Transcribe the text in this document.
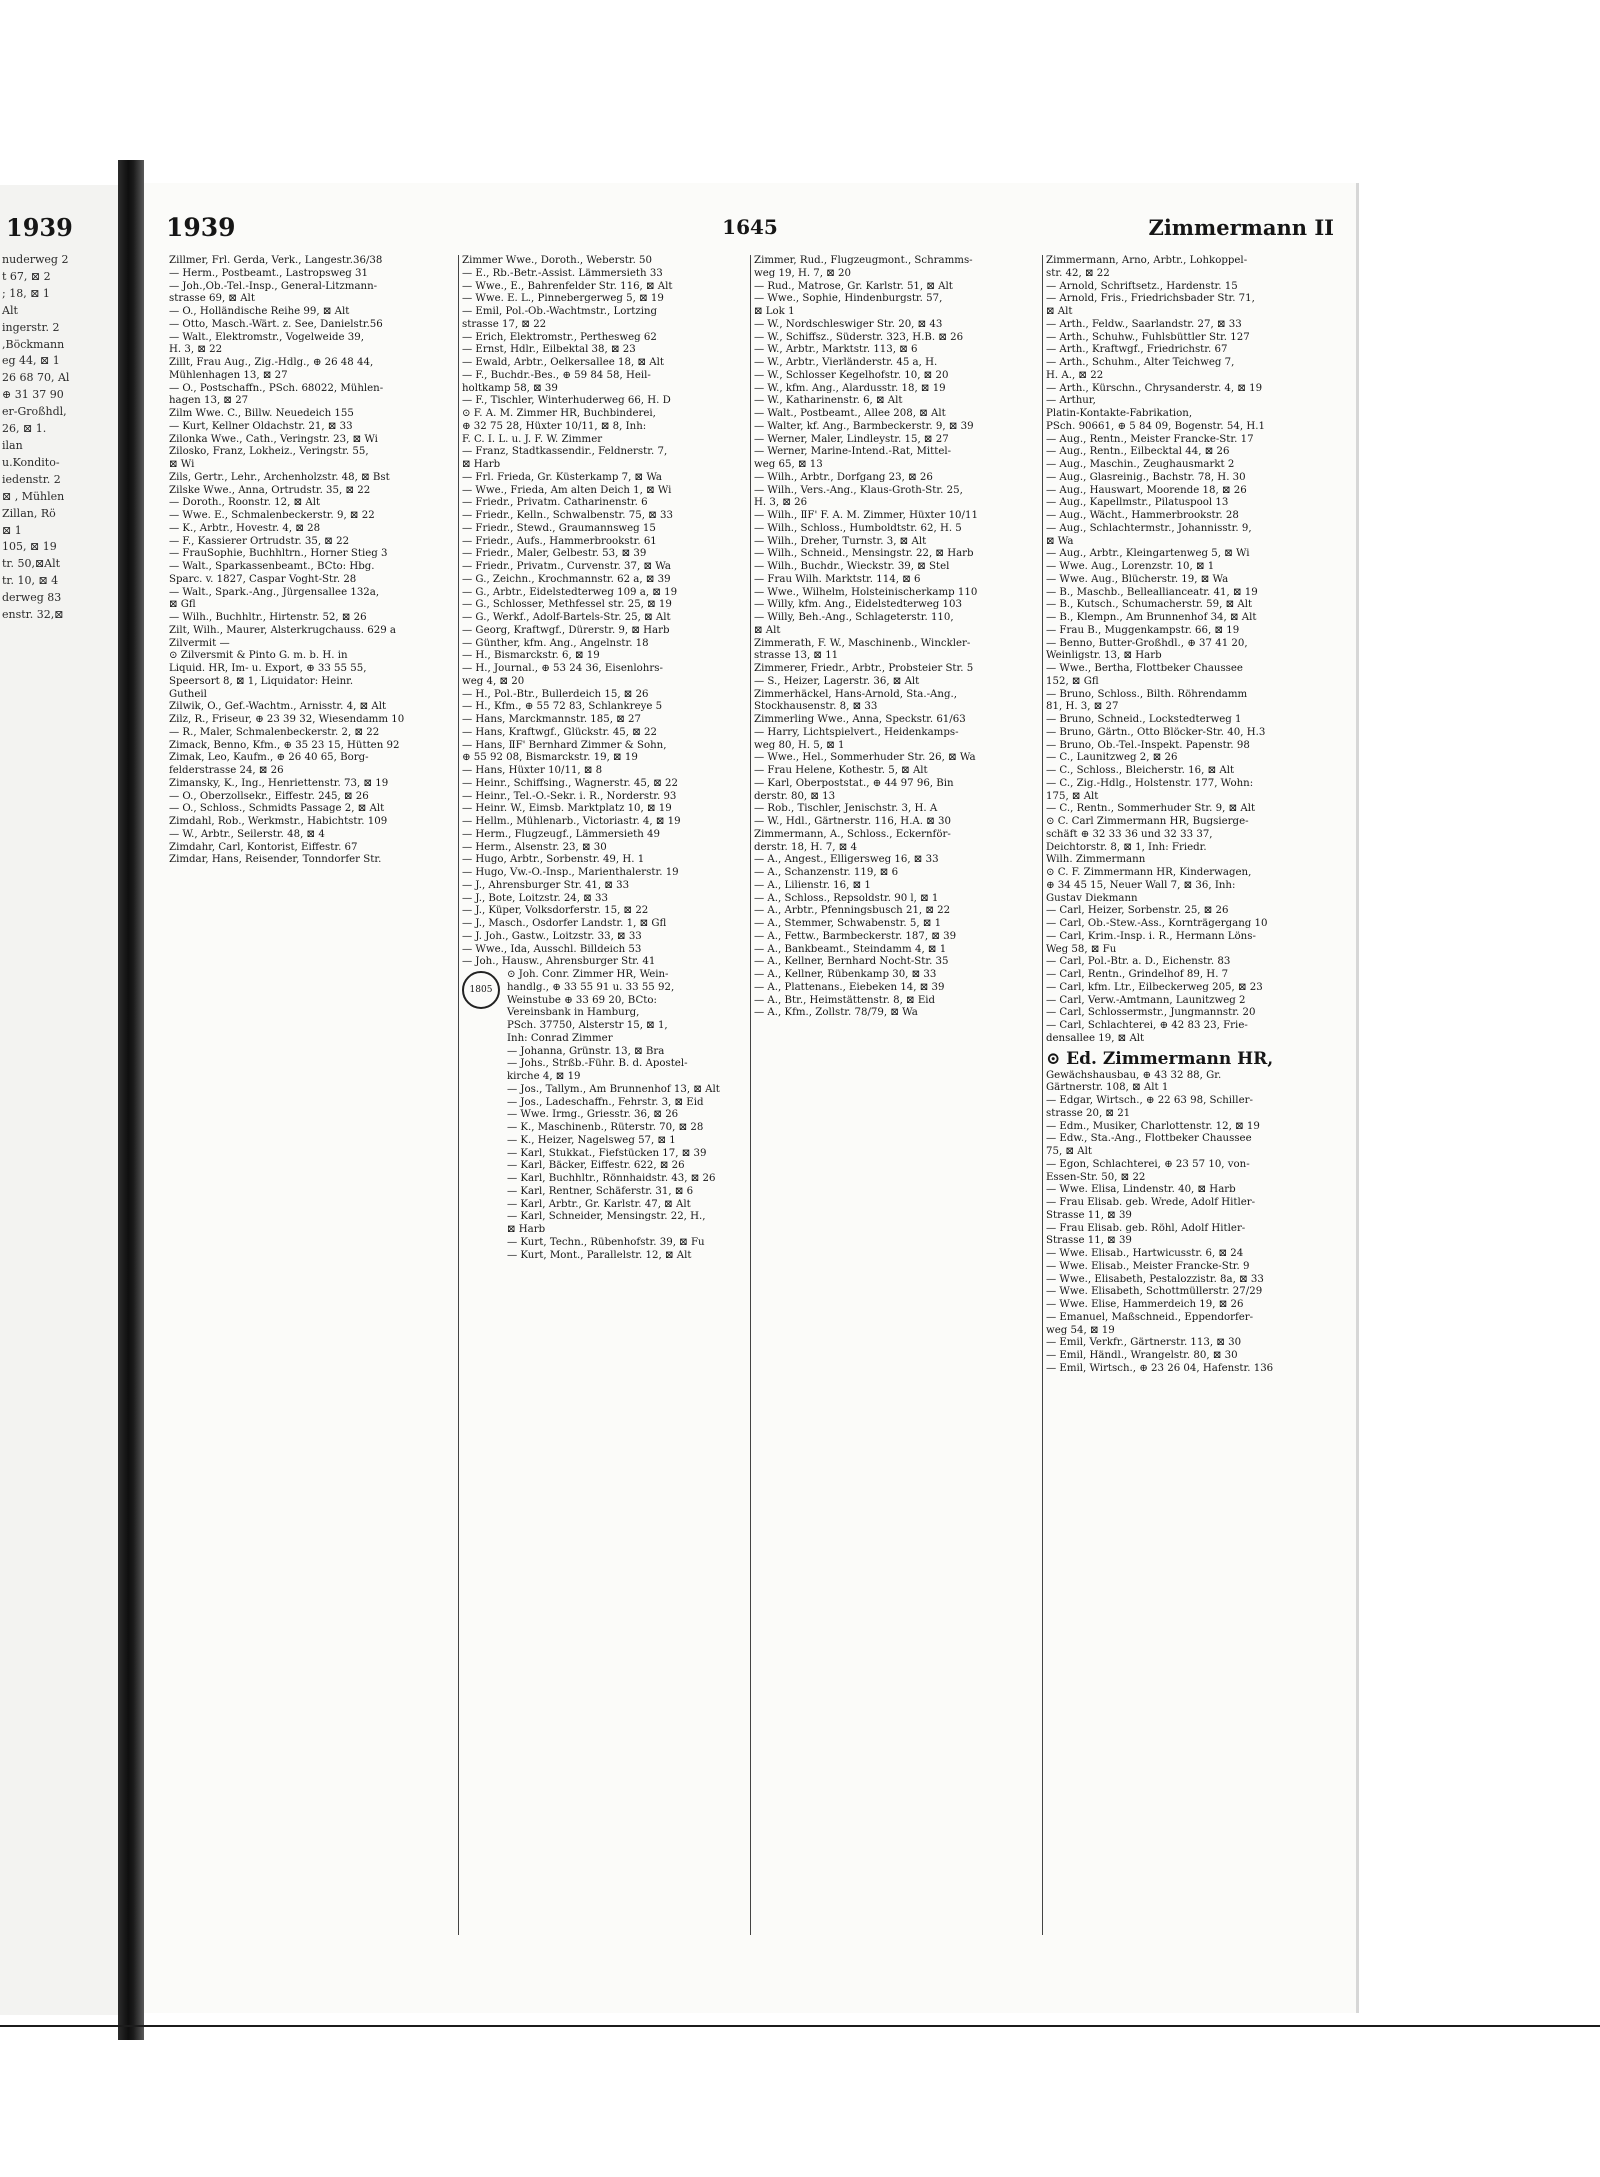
1939
nuderweg 2
t 67, ⊠ 2
; 18, ⊠ 1
Alt
ingerstr. 2
,Böckmann
eg 44, ⊠ 1
26 68 70, Al
⊕ 31 37 90
er-Großhdl,
26, ⊠ 1.
ilan
u.Kondito-
iedenstr. 2
⊠ , Mühlen
Zillan, Rö
⊠ 1
105, ⊠ 19
tr. 50,⊠Alt
tr. 10, ⊠ 4
derweg 83
enstr. 32,⊠
1939	1645	Zimmermann II
Zillmer, Frl. Gerda, Verk., Langestr.36/38
— Herm., Postbeamt., Lastropsweg 31
— Joh.,Ob.-Tel.-Insp., General-Litzmann-
strasse 69, ⊠ Alt
— O., Holländische Reihe 99, ⊠ Alt
— Otto, Masch.-Wärt. z. See, Danielstr.56
— Walt., Elektromstr., Vogelweide 39,
H. 3, ⊠ 22
Zillt, Frau Aug., Zig.-Hdlg., ⊕ 26 48 44,
Mühlenhagen 13, ⊠ 27
— O., Postschaffn., PSch. 68022, Mühlen-
hagen 13, ⊠ 27
Zilm Wwe. C., Billw. Neuedeich 155
— Kurt, Kellner Oldachstr. 21, ⊠ 33
Zilonka Wwe., Cath., Veringstr. 23, ⊠ Wi
Zilosko, Franz, Lokheiz., Veringstr. 55,
⊠ Wi
Zils, Gertr., Lehr., Archenholzstr. 48, ⊠ Bst
Zilske Wwe., Anna, Ortrudstr. 35, ⊠ 22
— Doroth., Roonstr. 12, ⊠ Alt
— Wwe. E., Schmalenbeckerstr. 9, ⊠ 22
— K., Arbtr., Hovestr. 4, ⊠ 28
— F., Kassierer Ortrudstr. 35, ⊠ 22
— FrauSophie, Buchhltrn., Horner Stieg 3
— Walt., Sparkassenbeamt., BCto: Hbg.
Sparc. v. 1827, Caspar Voght-Str. 28
— Walt., Spark.-Ang., Jürgensallee 132a,
⊠ Gfl
— Wilh., Buchhltr., Hirtenstr. 52, ⊠ 26
Zilt, Wilh., Maurer, Alsterkrugchauss. 629 a
Zilvermit —
⊙ Zilversmit & Pinto G. m. b. H. in
Liquid. HR, Im- u. Export, ⊕ 33 55 55,
Speersort 8, ⊠ 1, Liquidator: Heinr.
Gutheil
Zilwik, O., Gef.-Wachtm., Arnisstr. 4, ⊠ Alt
Zilz, R., Friseur, ⊕ 23 39 32, Wiesendamm 10
— R., Maler, Schmalenbeckerstr. 2, ⊠ 22
Zimack, Benno, Kfm., ⊕ 35 23 15, Hütten 92
Zimak, Leo, Kaufm., ⊕ 26 40 65, Borg-
felderstrasse 24, ⊠ 26
Zimansky, K., Ing., Henriettenstr. 73, ⊠ 19
— O., Oberzollsekr., Eiffestr. 245, ⊠ 26
— O., Schloss., Schmidts Passage 2, ⊠ Alt
Zimdahl, Rob., Werkmstr., Habichtstr. 109
— W., Arbtr., Seilerstr. 48, ⊠ 4
Zimdahr, Carl, Kontorist, Eiffestr. 67
Zimdar, Hans, Reisender, Tonndorfer Str.
Zimmer Wwe., Doroth., Weberstr. 50
— E., Rb.-Betr.-Assist. Lämmersieth 33
— Wwe., E., Bahrenfelder Str. 116, ⊠ Alt
— Wwe. E. L., Pinnebergerweg 5, ⊠ 19
— Emil, Pol.-Ob.-Wachtmstr., Lortzing
strasse 17, ⊠ 22
— Erich, Elektromstr., Perthesweg 62
— Ernst, Hdlr., Eilbektal 38, ⊠ 23
— Ewald, Arbtr., Oelkersallee 18, ⊠ Alt
— F., Buchdr.-Bes., ⊕ 59 84 58, Heil-
holtkamp 58, ⊠ 39
— F., Tischler, Winterhuderweg 66, H. D
⊙ F. A. M. Zimmer HR, Buchbinderei,
⊕ 32 75 28, Hüxter 10/11, ⊠ 8, Inh:
F. C. I. L. u. J. F. W. Zimmer
— Franz, Stadtkassendir., Feldnerstr. 7,
⊠ Harb
— Frl. Frieda, Gr. Küsterkamp 7, ⊠ Wa
— Wwe., Frieda, Am alten Deich 1, ⊠ Wi
— Friedr., Privatm. Catharinenstr. 6
— Friedr., Kelln., Schwalbenstr. 75, ⊠ 33
— Friedr., Stewd., Graumannsweg 15
— Friedr., Aufs., Hammerbrookstr. 61
— Friedr., Maler, Gelbestr. 53, ⊠ 39
— Friedr., Privatm., Curvenstr. 37, ⊠ Wa
— G., Zeichn., Krochmannstr. 62 a, ⊠ 39
— G., Arbtr., Eidelstedterweg 109 a, ⊠ 19
— G., Schlosser, Methfessel str. 25, ⊠ 19
— G., Werkf., Adolf-Bartels-Str. 25, ⊠ Alt
— Georg, Kraftwgf., Dürerstr. 9, ⊠ Harb
— Günther, kfm. Ang., Angelnstr. 18
— H., Bismarckstr. 6, ⊠ 19
— H., Journal., ⊕ 53 24 36, Eisenlohrs-
weg 4, ⊠ 20
— H., Pol.-Btr., Bullerdeich 15, ⊠ 26
— H., Kfm., ⊕ 55 72 83, Schlankreye 5
— Hans, Marckmannstr. 185, ⊠ 27
— Hans, Kraftwgf., Glückstr. 45, ⊠ 22
— Hans, ⅡF' Bernhard Zimmer & Sohn,
⊕ 55 92 08, Bismarckstr. 19, ⊠ 19
— Hans, Hüxter 10/11, ⊠ 8
— Heinr., Schiffsing., Wagnerstr. 45, ⊠ 22
— Heinr., Tel.-O.-Sekr. i. R., Norderstr. 93
— Heinr. W., Eimsb. Marktplatz 10, ⊠ 19
— Hellm., Mühlenarb., Victoriastr. 4, ⊠ 19
— Herm., Flugzeugf., Lämmersieth 49
— Herm., Alsenstr. 23, ⊠ 30
— Hugo, Arbtr., Sorbenstr. 49, H. 1
— Hugo, Vw.-O.-Insp., Marienthalerstr. 19
— J., Ahrensburger Str. 41, ⊠ 33
— J., Bote, Loitzstr. 24, ⊠ 33
— J., Küper, Volksdorferstr. 15, ⊠ 22
— J., Masch., Osdorfer Landstr. 1, ⊠ Gfl
— J. Joh., Gastw., Loitzstr. 33, ⊠ 33
— Wwe., Ida, Ausschl. Billdeich 53
— Joh., Hausw., Ahrensburger Str. 41
1805
⊙ Joh. Conr. Zimmer HR, Wein-
handlg., ⊕ 33 55 91 u. 33 55 92,
Weinstube ⊕ 33 69 20, BCto:
Vereinsbank in Hamburg,
PSch. 37750, Alsterstr 15, ⊠ 1,
Inh: Conrad Zimmer
— Johanna, Grünstr. 13, ⊠ Bra
— Johs., Strßb.-Führ. B. d. Apostel-
kirche 4, ⊠ 19
— Jos., Tallym., Am Brunnenhof 13, ⊠ Alt
— Jos., Ladeschaffn., Fehrstr. 3, ⊠ Eid
— Wwe. Irmg., Griesstr. 36, ⊠ 26
— K., Maschinenb., Rüterstr. 70, ⊠ 28
— K., Heizer, Nagelsweg 57, ⊠ 1
— Karl, Stukkat., Fiefstücken 17, ⊠ 39
— Karl, Bäcker, Eiffestr. 622, ⊠ 26
— Karl, Buchhltr., Rönnhaidstr. 43, ⊠ 26
— Karl, Rentner, Schäferstr. 31, ⊠ 6
— Karl, Arbtr., Gr. Karlstr. 47, ⊠ Alt
— Karl, Schneider, Mensingstr. 22, H.,
⊠ Harb
— Kurt, Techn., Rübenhofstr. 39, ⊠ Fu
— Kurt, Mont., Parallelstr. 12, ⊠ Alt
Zimmer, Rud., Flugzeugmont., Schramms-
weg 19, H. 7, ⊠ 20
— Rud., Matrose, Gr. Karlstr. 51, ⊠ Alt
— Wwe., Sophie, Hindenburgstr. 57,
⊠ Lok 1
— W., Nordschleswiger Str. 20, ⊠ 43
— W., Schiffsz., Süderstr. 323, H.B. ⊠ 26
— W., Arbtr., Marktstr. 113, ⊠ 6
— W., Arbtr., Vierländerstr. 45 a, H.
— W., Schlosser Kegelhofstr. 10, ⊠ 20
— W., kfm. Ang., Alardusstr. 18, ⊠ 19
— W., Katharinenstr. 6, ⊠ Alt
— Walt., Postbeamt., Allee 208, ⊠ Alt
— Walter, kf. Ang., Barmbeckerstr. 9, ⊠ 39
— Werner, Maler, Lindleystr. 15, ⊠ 27
— Werner, Marine-Intend.-Rat, Mittel-
weg 65, ⊠ 13
— Wilh., Arbtr., Dorfgang 23, ⊠ 26
— Wilh., Vers.-Ang., Klaus-Groth-Str. 25,
H. 3, ⊠ 26
— Wilh., ⅡF' F. A. M. Zimmer, Hüxter 10/11
— Wilh., Schloss., Humboldtstr. 62, H. 5
— Wilh., Dreher, Turnstr. 3, ⊠ Alt
— Wilh., Schneid., Mensingstr. 22, ⊠ Harb
— Wilh., Buchdr., Wieckstr. 39, ⊠ Stel
— Frau Wilh. Marktstr. 114, ⊠ 6
— Wwe., Wilhelm, Holsteinischerkamp 110
— Willy, kfm. Ang., Eidelstedterweg 103
— Willy, Beh.-Ang., Schlageterstr. 110,
⊠ Alt
Zimmerath, F. W., Maschinenb., Winckler-
strasse 13, ⊠ 11
Zimmerer, Friedr., Arbtr., Probsteier Str. 5
— S., Heizer, Lagerstr. 36, ⊠ Alt
Zimmerhäckel, Hans-Arnold, Sta.-Ang.,
Stockhausenstr. 8, ⊠ 33
Zimmerling Wwe., Anna, Speckstr. 61/63
— Harry, Lichtspielvert., Heidenkamps-
weg 80, H. 5, ⊠ 1
— Wwe., Hel., Sommerhuder Str. 26, ⊠ Wa
— Frau Helene, Kothestr. 5, ⊠ Alt
— Karl, Oberpoststat., ⊕ 44 97 96, Bin
derstr. 80, ⊠ 13
— Rob., Tischler, Jenischstr. 3, H. A
— W., Hdl., Gärtnerstr. 116, H.A. ⊠ 30
Zimmermann, A., Schloss., Eckernför-
derstr. 18, H. 7, ⊠ 4
— A., Angest., Elligersweg 16, ⊠ 33
— A., Schanzenstr. 119, ⊠ 6
— A., Lilienstr. 16, ⊠ 1
— A., Schloss., Repsoldstr. 90 l, ⊠ 1
— A., Arbtr., Pfenningsbusch 21, ⊠ 22
— A., Stemmer, Schwabenstr. 5, ⊠ 1
— A., Fettw., Barmbeckerstr. 187, ⊠ 39
— A., Bankbeamt., Steindamm 4, ⊠ 1
— A., Kellner, Bernhard Nocht-Str. 35
— A., Kellner, Rübenkamp 30, ⊠ 33
— A., Plattenans., Eiebeken 14, ⊠ 39
— A., Btr., Heimstättenstr. 8, ⊠ Eid
— A., Kfm., Zollstr. 78/79, ⊠ Wa
Zimmermann, Arno, Arbtr., Lohkoppel-
str. 42, ⊠ 22
— Arnold, Schriftsetz., Hardenstr. 15
— Arnold, Fris., Friedrichsbader Str. 71,
⊠ Alt
— Arth., Feldw., Saarlandstr. 27, ⊠ 33
— Arth., Schuhw., Fuhlsbüttler Str. 127
— Arth., Kraftwgf., Friedrichstr. 67
— Arth., Schuhm., Alter Teichweg 7,
H. A., ⊠ 22
— Arth., Kürschn., Chrysanderstr. 4, ⊠ 19
— Arthur,
Platin-Kontakte-Fabrikation,
PSch. 90661, ⊕ 5 84 09, Bogenstr. 54, H.1
— Aug., Rentn., Meister Francke-Str. 17
— Aug., Rentn., Eilbecktal 44, ⊠ 26
— Aug., Maschin., Zeughausmarkt 2
— Aug., Glasreinig., Bachstr. 78, H. 30
— Aug., Hauswart, Moorende 18, ⊠ 26
— Aug., Kapellmstr., Pilatuspool 13
— Aug., Wächt., Hammerbrookstr. 28
— Aug., Schlachtermstr., Johannisstr. 9,
⊠ Wa
— Aug., Arbtr., Kleingartenweg 5, ⊠ Wi
— Wwe. Aug., Lorenzstr. 10, ⊠ 1
— Wwe. Aug., Blücherstr. 19, ⊠ Wa
— B., Maschb., Belleallianceatr. 41, ⊠ 19
— B., Kutsch., Schumacherstr. 59, ⊠ Alt
— B., Klempn., Am Brunnenhof 34, ⊠ Alt
— Frau B., Muggenkampstr. 66, ⊠ 19
— Benno, Butter-Großhdl., ⊕ 37 41 20,
Weinligstr. 13, ⊠ Harb
— Wwe., Bertha, Flottbeker Chaussee
152, ⊠ Gfl
— Bruno, Schloss., Bilth. Röhrendamm
81, H. 3, ⊠ 27
— Bruno, Schneid., Lockstedterweg 1
— Bruno, Gärtn., Otto Blöcker-Str. 40, H.3
— Bruno, Ob.-Tel.-Inspekt. Papenstr. 98
— C., Launitzweg 2, ⊠ 26
— C., Schloss., Bleicherstr. 16, ⊠ Alt
— C., Zig.-Hdlg., Holstenstr. 177, Wohn:
175, ⊠ Alt
— C., Rentn., Sommerhuder Str. 9, ⊠ Alt
⊙ C. Carl Zimmermann HR, Bugsierge-
schäft ⊕ 32 33 36 und 32 33 37,
Deichtorstr. 8, ⊠ 1, Inh: Friedr.
Wilh. Zimmermann
⊙ C. F. Zimmermann HR, Kinderwagen,
⊕ 34 45 15, Neuer Wall 7, ⊠ 36, Inh:
Gustav Diekmann
— Carl, Heizer, Sorbenstr. 25, ⊠ 26
— Carl, Ob.-Stew.-Ass., Kornträgergang 10
— Carl, Krim.-Insp. i. R., Hermann Löns-
Weg 58, ⊠ Fu
— Carl, Pol.-Btr. a. D., Eichenstr. 83
— Carl, Rentn., Grindelhof 89, H. 7
— Carl, kfm. Ltr., Eilbeckerweg 205, ⊠ 23
— Carl, Verw.-Amtmann, Launitzweg 2
— Carl, Schlossermstr., Jungmannstr. 20
— Carl, Schlachterei, ⊕ 42 83 23, Frie-
densallee 19, ⊠ Alt
⊙ Ed. Zimmermann HR,
Gewächshausbau, ⊕ 43 32 88, Gr.
Gärtnerstr. 108, ⊠ Alt 1
— Edgar, Wirtsch., ⊕ 22 63 98, Schiller-
strasse 20, ⊠ 21
— Edm., Musiker, Charlottenstr. 12, ⊠ 19
— Edw., Sta.-Ang., Flottbeker Chaussee
75, ⊠ Alt
— Egon, Schlachterei, ⊕ 23 57 10, von-
Essen-Str. 50, ⊠ 22
— Wwe. Elisa, Lindenstr. 40, ⊠ Harb
— Frau Elisab. geb. Wrede, Adolf Hitler-
Strasse 11, ⊠ 39
— Frau Elisab. geb. Röhl, Adolf Hitler-
Strasse 11, ⊠ 39
— Wwe. Elisab., Hartwicusstr. 6, ⊠ 24
— Wwe. Elisab., Meister Francke-Str. 9
— Wwe., Elisabeth, Pestalozzistr. 8a, ⊠ 33
— Wwe. Elisabeth, Schottmüllerstr. 27/29
— Wwe. Elise, Hammerdeich 19, ⊠ 26
— Emanuel, Maßschneid., Eppendorfer-
weg 54, ⊠ 19
— Emil, Verkfr., Gärtnerstr. 113, ⊠ 30
— Emil, Händl., Wrangelstr. 80, ⊠ 30
— Emil, Wirtsch., ⊕ 23 26 04, Hafenstr. 136
